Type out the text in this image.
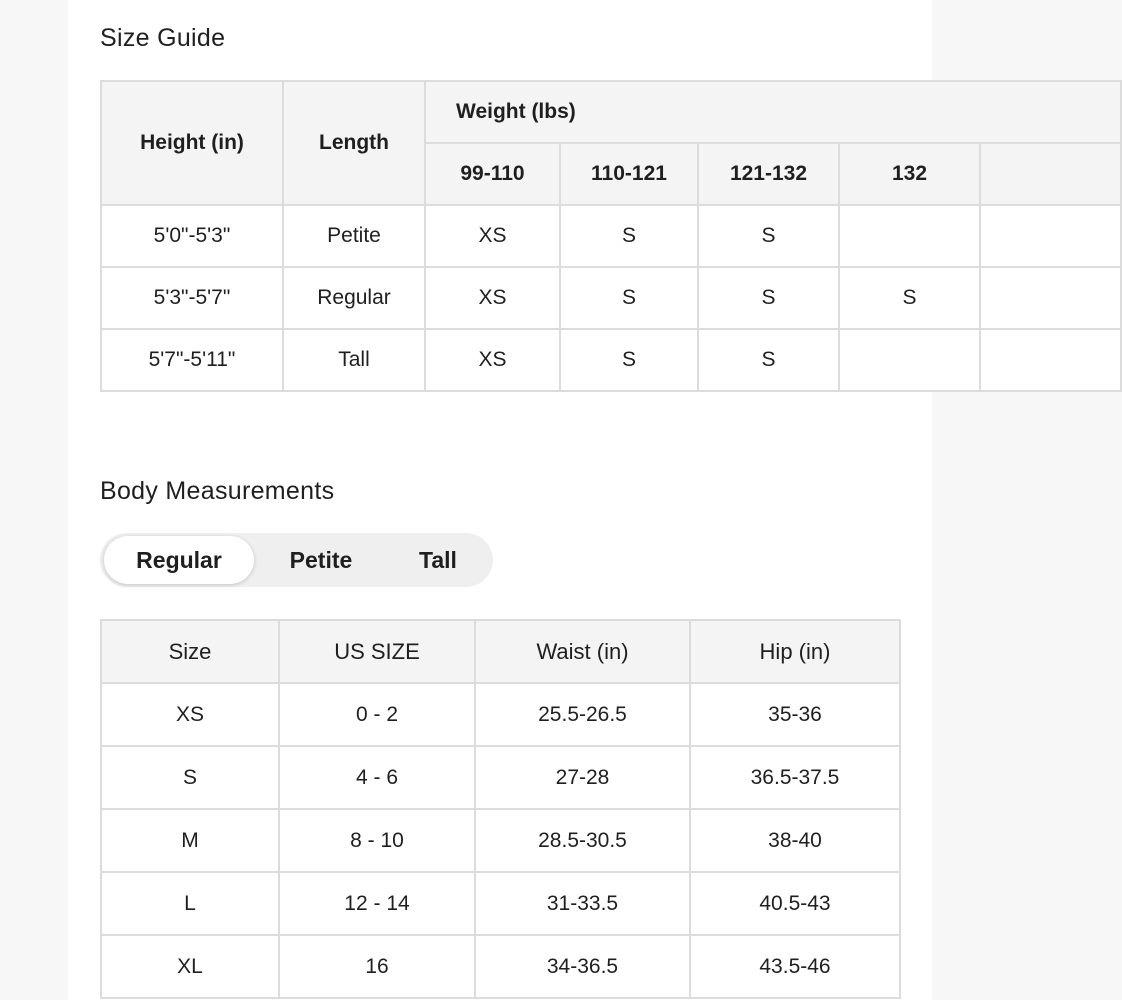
Size Guide
Height (in)	Length	Weight (lbs)				
		99-110	110-121	121-132	132	
5'0"-5'3"	Petite	XS	S	S		
5'3"-5'7"	Regular	XS	S	S	S	
5'7"-5'11"	Tall	XS	S	S		
Body Measurements
Regular	Petite	Tall
Size	US SIZE	Waist (in)	Hip (in)
XS	0 - 2	25.5-26.5	35-36
S	4 - 6	27-28	36.5-37.5
M	8 - 10	28.5-30.5	38-40
L	12 - 14	31-33.5	40.5-43
XL	16	34-36.5	43.5-46
